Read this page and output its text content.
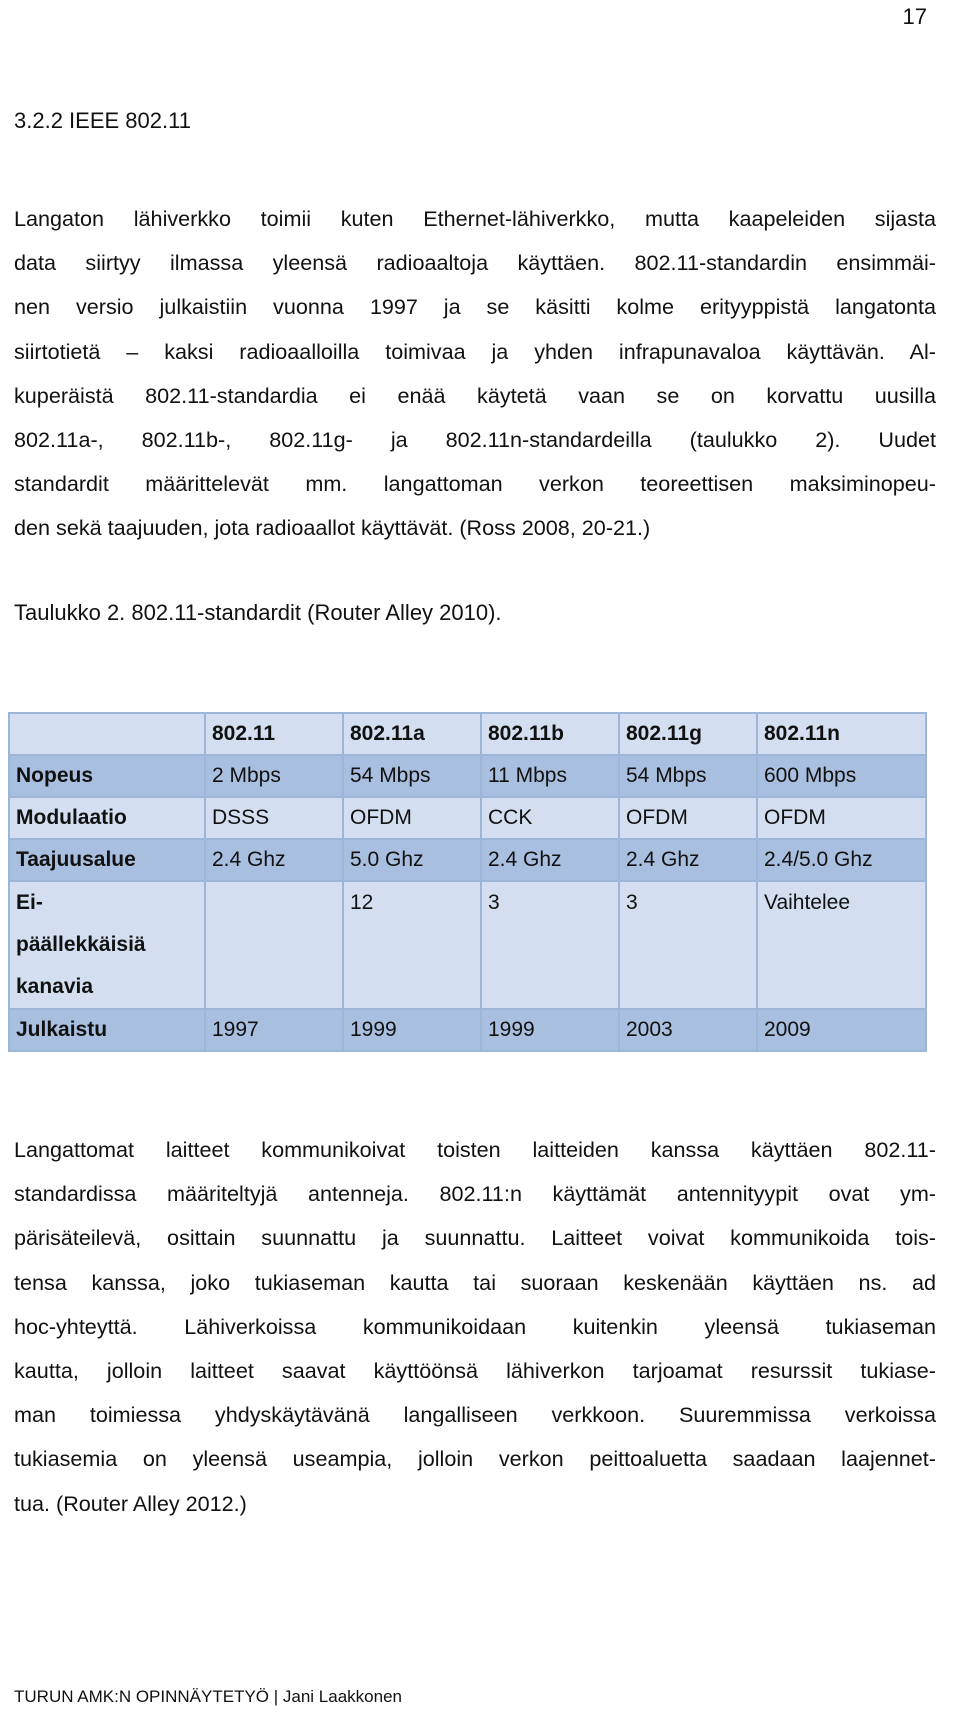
17
3.2.2 IEEE 802.11
Langaton lähiverkko toimii kuten Ethernet-lähiverkko, mutta kaapeleiden sijasta
data siirtyy ilmassa yleensä radioaaltoja käyttäen. 802.11-standardin ensimmäi-
nen versio julkaistiin vuonna 1997 ja se käsitti kolme erityyppistä langatonta
siirtotietä – kaksi radioaalloilla toimivaa ja yhden infrapunavaloa käyttävän. Al-
kuperäistä 802.11-standardia ei enää käytetä vaan se on korvattu uusilla
802.11a-, 802.11b-, 802.11g- ja 802.11n-standardeilla (taulukko 2). Uudet
standardit määrittelevät mm. langattoman verkon teoreettisen maksiminopeu-
den sekä taajuuden, jota radioaallot käyttävät. (Ross 2008, 20-21.)

Taulukko 2. 802.11-standardit (Router Alley 2010).

	802.11	802.11a	802.11b	802.11g	802.11n
Nopeus	2 Mbps	54 Mbps	11 Mbps	54 Mbps	600 Mbps
Modulaatio	DSSS	OFDM	CCK	OFDM	OFDM
Taajuusalue	2.4 Ghz	5.0 Ghz	2.4 Ghz	2.4 Ghz	2.4/5.0 Ghz

Ei-
päällekkäisiä
kanavia		12	3	3	Vaihtelee
Julkaistu	1997	1999	1999	2003	2009
Langattomat laitteet kommunikoivat toisten laitteiden kanssa käyttäen 802.11-
standardissa määriteltyjä antenneja. 802.11:n käyttämät antennityypit ovat ym-
pärisäteilevä, osittain suunnattu ja suunnattu. Laitteet voivat kommunikoida tois-
tensa kanssa, joko tukiaseman kautta tai suoraan keskenään käyttäen ns. ad
hoc-yhteyttä. Lähiverkoissa kommunikoidaan kuitenkin yleensä tukiaseman
kautta, jolloin laitteet saavat käyttöönsä lähiverkon tarjoamat resurssit tukiase-
man toimiessa yhdyskäytävänä langalliseen verkkoon. Suuremmissa verkoissa
tukiasemia on yleensä useampia, jolloin verkon peittoaluetta saadaan laajennet-
tua. (Router Alley 2012.)
TURUN AMK:N OPINNÄYTETYÖ | Jani Laakkonen
